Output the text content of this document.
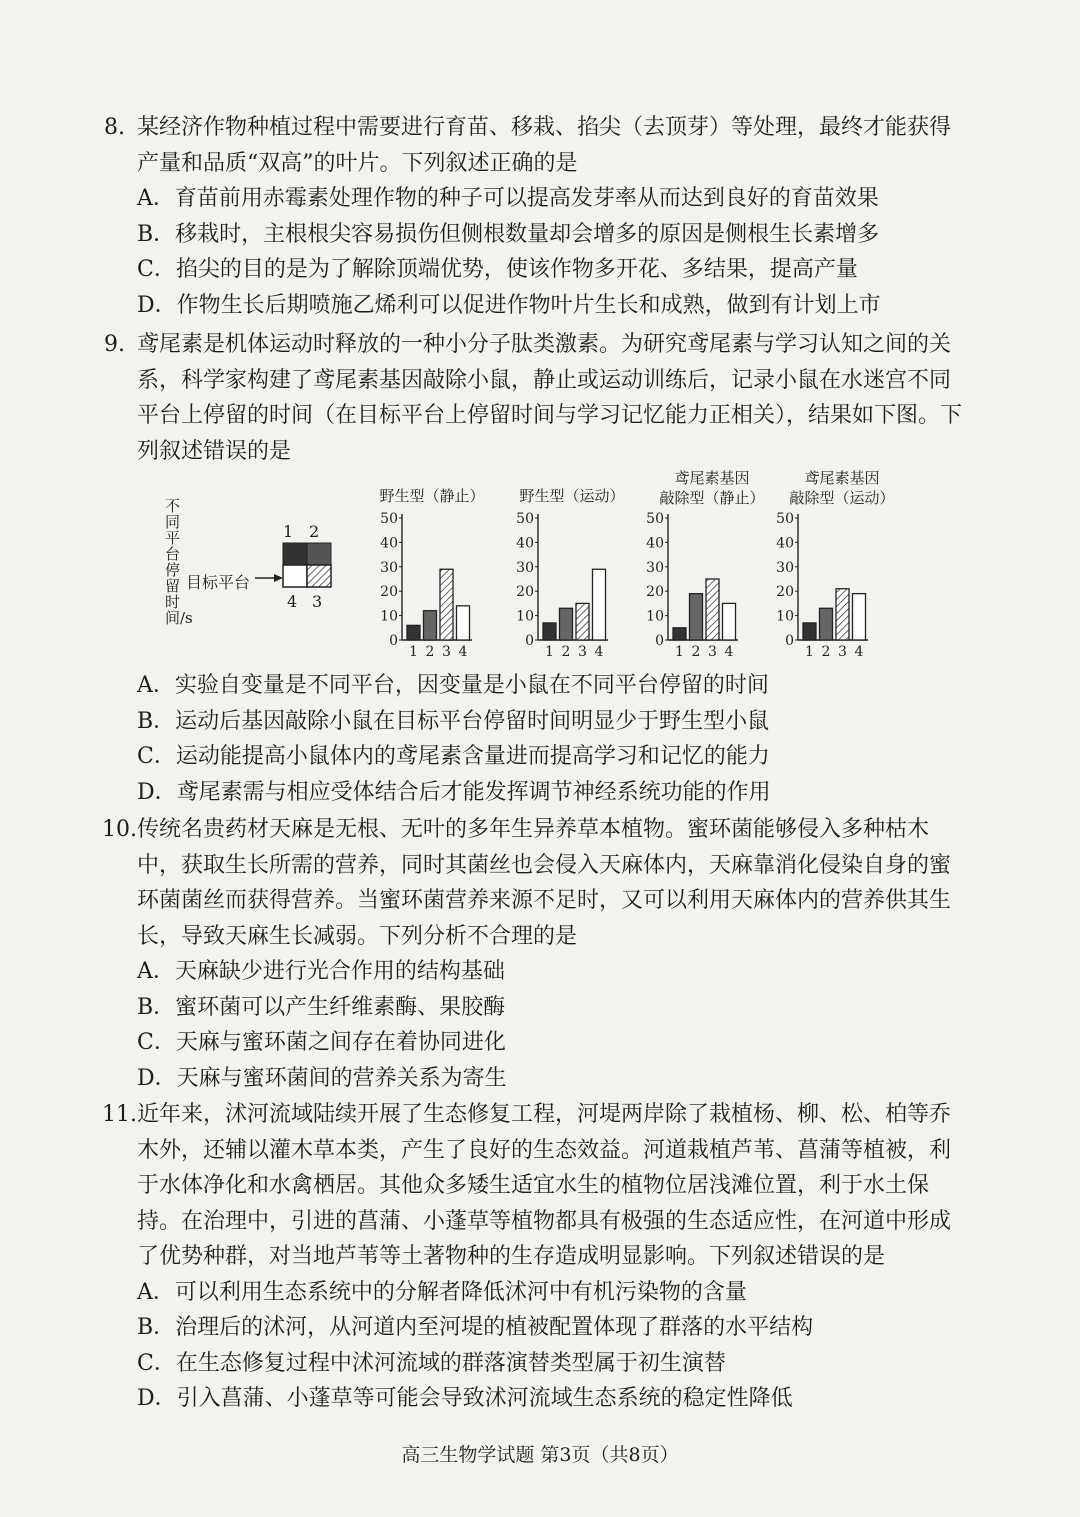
8. 某经济作物种植过程中需要进行育苗、移栽、掐尖（去顶芽）等处理，最终才能获得产量和品质“双高”的叶片。下列叙述正确的是
A．育苗前用赤霉素处理作物的种子可以提高发芽率从而达到良好的育苗效果
B．移栽时，主根根尖容易损伤但侧根数量却会增多的原因是侧根生长素增多
C．掐尖的目的是为了解除顶端优势，使该作物多开花、多结果，提高产量
D．作物生长后期喷施乙烯利可以促进作物叶片生长和成熟，做到有计划上市
9. 鸢尾素是机体运动时释放的一种小分子肽类激素。为研究鸢尾素与学习认知之间的关系，科学家构建了鸢尾素基因敲除小鼠，静止或运动训练后，记录小鼠在水迷宫不同平台上停留的时间（在目标平台上停留时间与学习记忆能力正相关），结果如下图。下列叙述错误的是
1 2
4 3
目标平台
0
10
20
30
40
50
1 2 3 4
0
10
20
30
40
50
1 2 3 4
0
10
20
30
40
50
1 2 3 4
0
10
20
30
40
50
1 2 3 4
不同平台停留时间/s
野生型（静止）	野生型（运动）
鸢尾素基因
敲除型（静止）
鸢尾素基因
敲除型（运动）
A．实验自变量是不同平台，因变量是小鼠在不同平台停留的时间
B．运动后基因敲除小鼠在目标平台停留时间明显少于野生型小鼠
C．运动能提高小鼠体内的鸢尾素含量进而提高学习和记忆的能力
D．鸢尾素需与相应受体结合后才能发挥调节神经系统功能的作用
10. 传统名贵药材天麻是无根、无叶的多年生异养草本植物。蜜环菌能够侵入多种枯木中，获取生长所需的营养，同时其菌丝也会侵入天麻体内，天麻靠消化侵染自身的蜜环菌菌丝而获得营养。当蜜环菌营养来源不足时，又可以利用天麻体内的营养供其生长，导致天麻生长减弱。下列分析不合理的是
A．天麻缺少进行光合作用的结构基础
B．蜜环菌可以产生纤维素酶、果胶酶
C．天麻与蜜环菌之间存在着协同进化
D．天麻与蜜环菌间的营养关系为寄生
11. 近年来，沭河流域陆续开展了生态修复工程，河堤两岸除了栽植杨、柳、松、柏等乔木外，还辅以灌木草本类，产生了良好的生态效益。河道栽植芦苇、菖蒲等植被，利于水体净化和水禽栖居。其他众多矮生适宜水生的植物位居浅滩位置，利于水土保持。在治理中，引进的菖蒲、小蓬草等植物都具有极强的生态适应性，在河道中形成了优势种群，对当地芦苇等土著物种的生存造成明显影响。下列叙述错误的是
A．可以利用生态系统中的分解者降低沭河中有机污染物的含量
B．治理后的沭河，从河道内至河堤的植被配置体现了群落的水平结构
C．在生态修复过程中沭河流域的群落演替类型属于初生演替
D．引入菖蒲、小蓬草等可能会导致沭河流域生态系统的稳定性降低
高三生物学试题 第3页（共8页）
